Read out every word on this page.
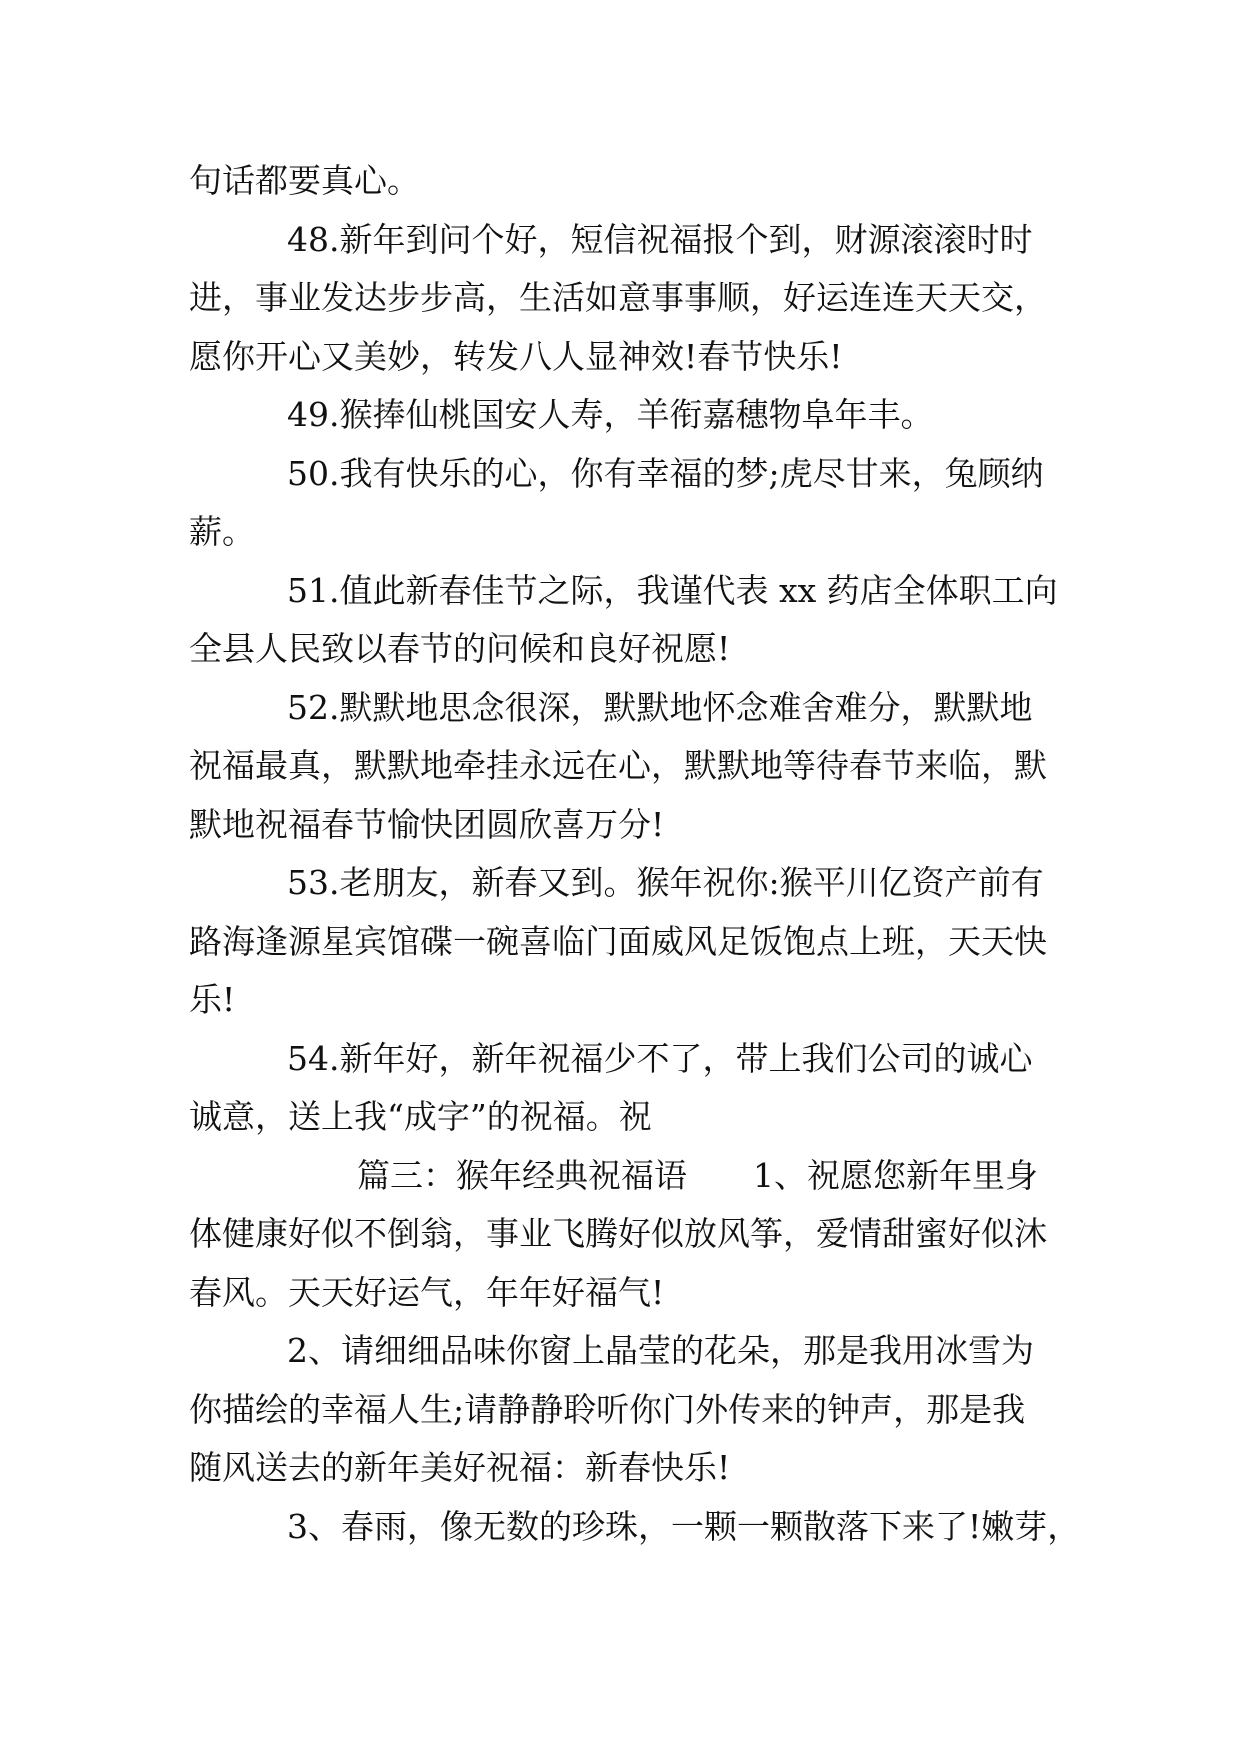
句话都要真心。

48.新年到问个好，短信祝福报个到，财源滚滚时时
进，事业发达步步高，生活如意事事顺，好运连连天天交，
愿你开心又美妙，转发八人显神效!春节快乐!

49.猴捧仙桃国安人寿，羊衔嘉穗物阜年丰。

50.我有快乐的心，你有幸福的梦;虎尽甘来，兔顾纳
薪。

51.值此新春佳节之际，我谨代表 xx 药店全体职工向
全县人民致以春节的问候和良好祝愿!

52.默默地思念很深，默默地怀念难舍难分，默默地
祝福最真，默默地牵挂永远在心，默默地等待春节来临，默
默地祝福春节愉快团圆欣喜万分!

53.老朋友，新春又到。猴年祝你:猴平川亿资产前有
路海逢源星宾馆碟一碗喜临门面威风足饭饱点上班，天天快
乐!

54.新年好，新年祝福少不了，带上我们公司的诚心
诚意，送上我“成字”的祝福。祝

篇三：猴年经典祝福语　　1、祝愿您新年里身
体健康好似不倒翁，事业飞腾好似放风筝，爱情甜蜜好似沐
春风。天天好运气，年年好福气!

2、请细细品味你窗上晶莹的花朵，那是我用冰雪为
你描绘的幸福人生;请静静聆听你门外传来的钟声，那是我
随风送去的新年美好祝福：新春快乐!

3、春雨，像无数的珍珠，一颗一颗散落下来了!嫩芽，
